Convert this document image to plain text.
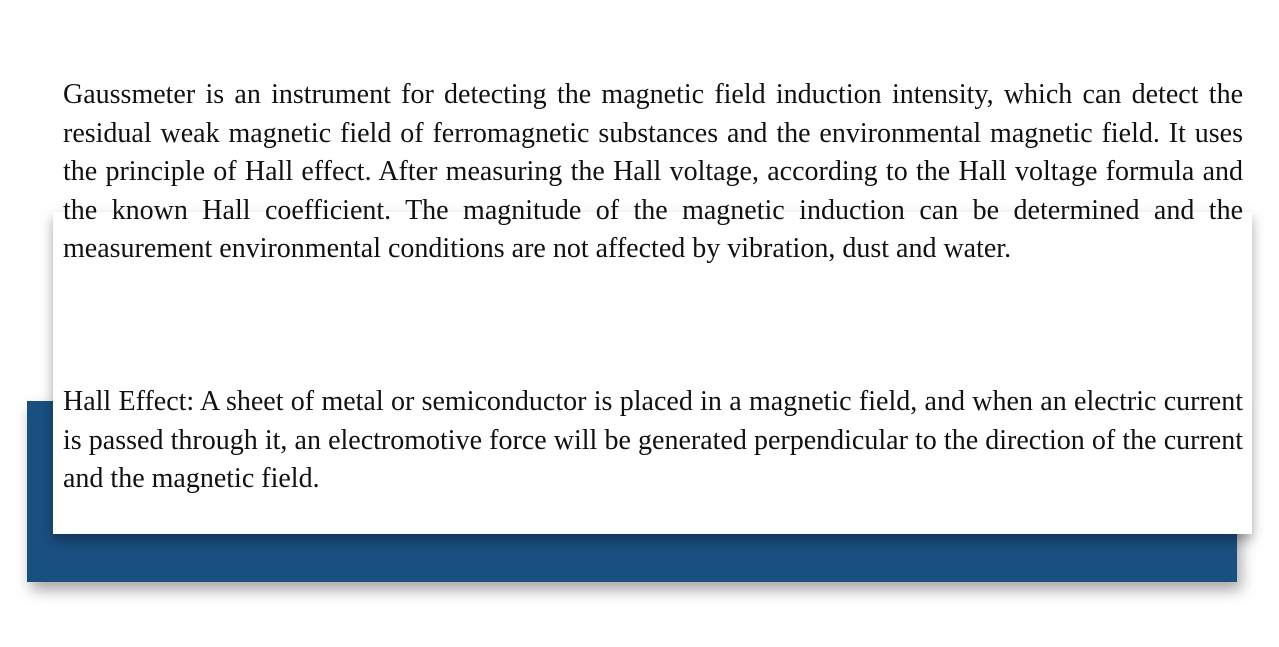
Gaussmeter is an instrument for detecting the magnetic field induction intensity, which can detect the residual weak magnetic field of ferromagnetic substances and the environmental magnetic field. It uses the principle of Hall effect. After measuring the Hall voltage, according to the Hall voltage formula and the known Hall coefficient. The magnitude of the magnetic induction can be determined and the measurement environmental conditions are not affected by vibration, dust and water.

Hall Effect: A sheet of metal or semiconductor is placed in a magnetic field, and when an electric current is passed through it, an electromotive force will be generated perpendicular to the direction of the current and the magnetic field.
